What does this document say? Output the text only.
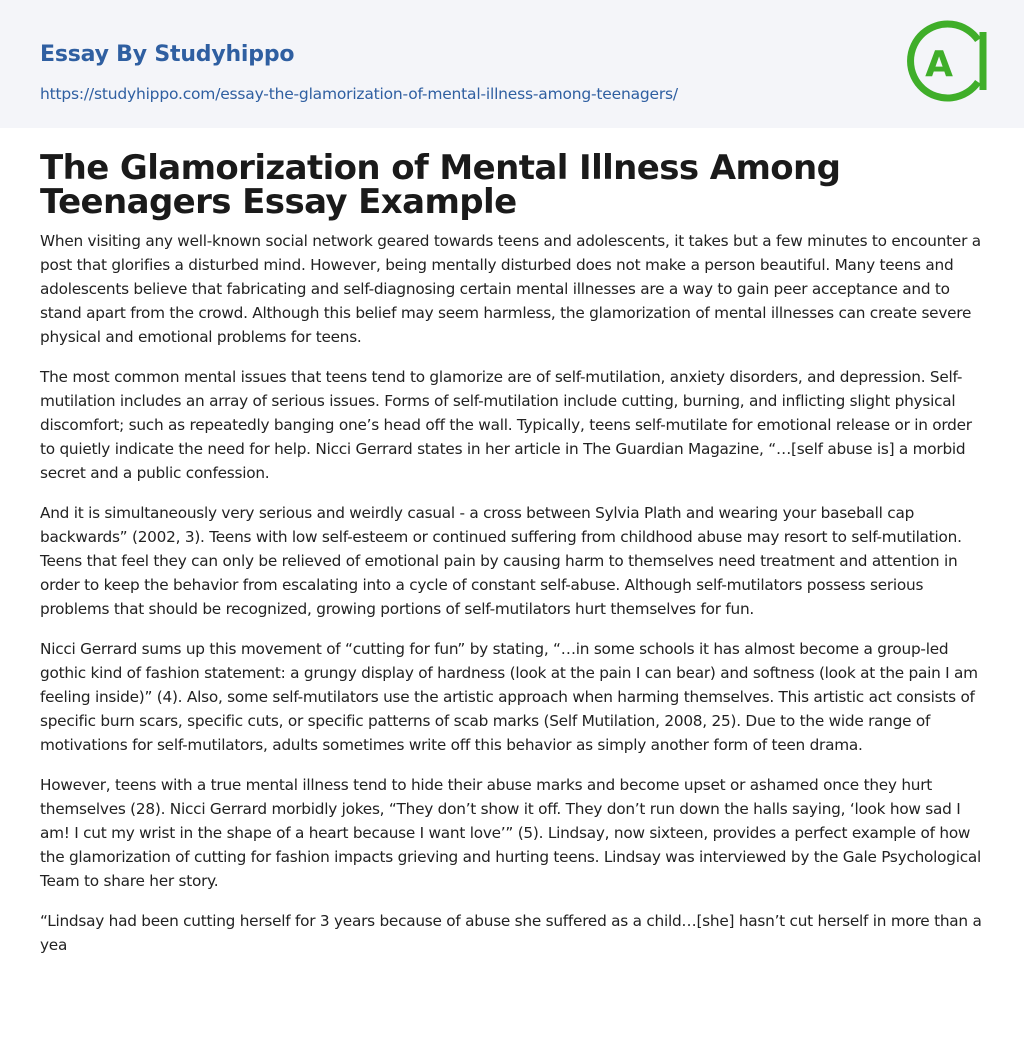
Essay By Studyhippo
https://studyhippo.com/essay-the-glamorization-of-mental-illness-among-teenagers/
A
The Glamorization of Mental Illness Among Teenagers Essay Example

When visiting any well-known social network geared towards teens and adolescents, it takes but a few minutes to encounter a post that glorifies a disturbed mind. However, being mentally disturbed does not make a person beautiful. Many teens and adolescents believe that fabricating and self-diagnosing certain mental illnesses are a way to gain peer acceptance and to stand apart from the crowd. Although this belief may seem harmless, the glamorization of mental illnesses can create severe physical and emotional problems for teens.

The most common mental issues that teens tend to glamorize are of self-mutilation, anxiety disorders, and depression. Self-mutilation includes an array of serious issues. Forms of self-mutilation include cutting, burning, and inflicting slight physical discomfort; such as repeatedly banging one’s head off the wall. Typically, teens self-mutilate for emotional release or in order to quietly indicate the need for help. Nicci Gerrard states in her article in The Guardian Magazine, “…[self abuse is] a morbid secret and a public confession.

And it is simultaneously very serious and weirdly casual - a cross between Sylvia Plath and wearing your baseball cap backwards” (2002, 3). Teens with low self-esteem or continued suffering from childhood abuse may resort to self-mutilation. Teens that feel they can only be relieved of emotional pain by causing harm to themselves need treatment and attention in order to keep the behavior from escalating into a cycle of constant self-abuse. Although self-mutilators possess serious problems that should be recognized, growing portions of self-mutilators hurt themselves for fun.

Nicci Gerrard sums up this movement of “cutting for fun” by stating, “…in some schools it has almost become a group-led gothic kind of fashion statement: a grungy display of hardness (look at the pain I can bear) and softness (look at the pain I am feeling inside)” (4). Also, some self-mutilators use the artistic approach when harming themselves. This artistic act consists of specific burn scars, specific cuts, or specific patterns of scab marks (Self Mutilation, 2008, 25). Due to the wide range of motivations for self-mutilators, adults sometimes write off this behavior as simply another form of teen drama.

However, teens with a true mental illness tend to hide their abuse marks and become upset or ashamed once they hurt themselves (28). Nicci Gerrard morbidly jokes, “They don’t show it off. They don’t run down the halls saying, ‘look how sad I am! I cut my wrist in the shape of a heart because I want love’” (5). Lindsay, now sixteen, provides a perfect example of how the glamorization of cutting for fashion impacts grieving and hurting teens. Lindsay was interviewed by the Gale Psychological Team to share her story.

“Lindsay had been cutting herself for 3 years because of abuse she suffered as a child…[she] hasn’t cut herself in more than a yea
